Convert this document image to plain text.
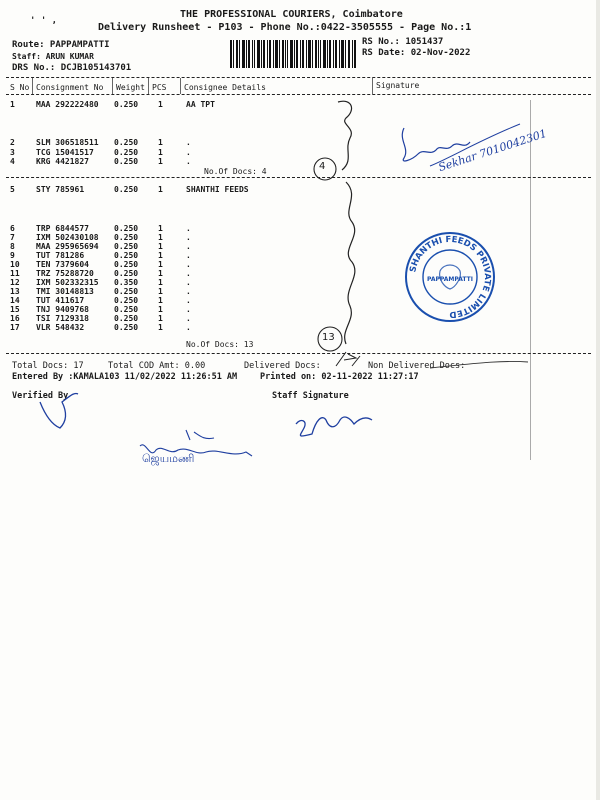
THE PROFESSIONAL COURIERS, Coimbatore
Delivery Runsheet - P103 - Phone No.:0422-3505555 - Page No.:1
' ' ,
Route: PAPPAMPATTI
Staff: ARUN KUMAR
DRS No.: DCJB105143701
RS No.: 1051437
RS Date: 02-Nov-2022
S No Consignment No Weight PCS Consignee Details	Signature
1	MAA 292222480 0.250 1	AA TPT
2	SLM 306518511 0.250 1	.
3	TCG 15041517	0.250 1	.
4	KRG 4421827	0.250 1	.
No.Of Docs: 4
5	STY 785961	0.250 1	SHANTHI FEEDS
6	TRP 6844577	0.250 1	.
7	IXM 502430108 0.250 1	.
8	MAA 295965694 0.250 1	.
9	TUT 781286	0.250 1	.
10 TEN 7379604	0.250 1	.
11 TRZ 75288720	0.250 1	.
12 IXM 502332315 0.350 1	.
13 TMI 30148813	0.250 1	.
14 TUT 411617	0.250 1	.
15 TNJ 9409768	0.250 1	.
16 TSI 7129318	0.250 1	.
17 VLR 548432	0.250 1	.
No.Of Docs: 13
Total Docs: 17	Total COD Amt: 0.00	Delivered Docs:	Non Delivered Docs:
Entered By :KAMALA103 11/02/2022 11:26:51 AM	Printed on: 02-11-2022 11:27:17
Verified By	Staff Signature
Sekhar 7010042301
4
13
ஜெயமணி
SHANTHI FEEDS PRIVATE LIMITED
PAPPAMPATTI
